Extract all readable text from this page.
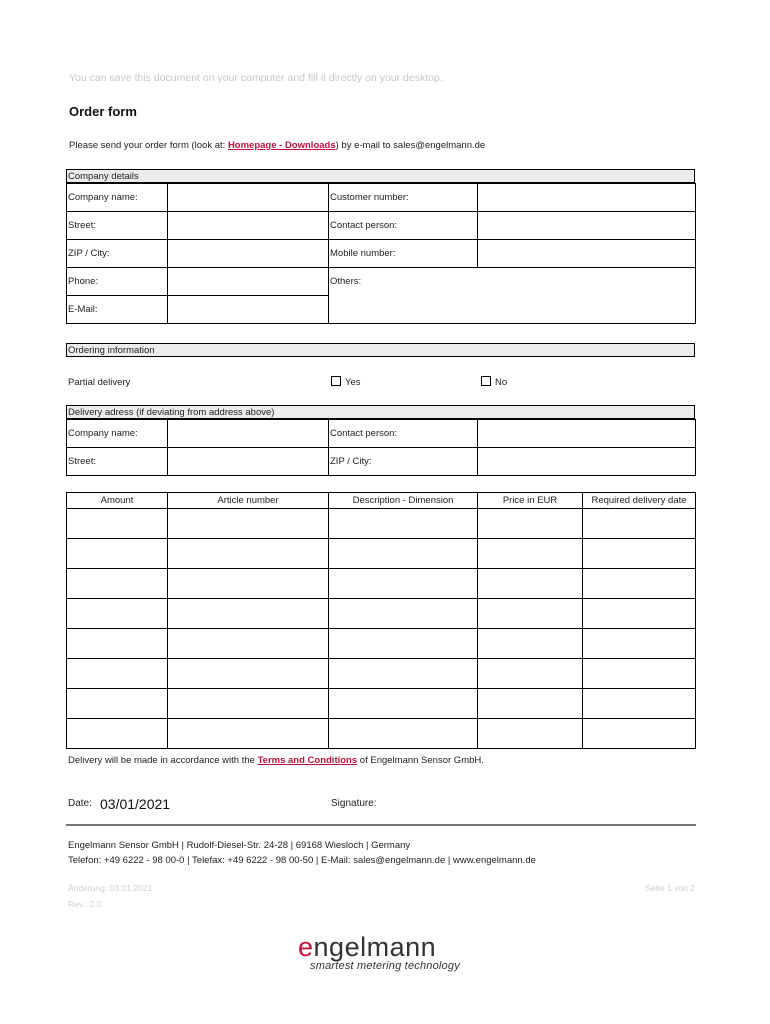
You can save this document on your computer and fill it directly on your desktop.
Order form
Please send your order form (look at: Homepage - Downloads) by e-mail to sales@engelmann.de
Company details
Company name:		Customer number:	
Street:		Contact person:	
ZIP / City:		Mobile number:	
Phone:		Others:	
E-Mail:			
Ordering information
Partial delivery	Yes	No
Delivery adress (if deviating from address above)
Company name:		Contact person:	
Street:		ZIP / City:	
Amount	Article number	Description - Dimension	Price in EUR	Required delivery date

Delivery will be made in accordance with the Terms and Conditions of Engelmann Sensor GmbH.
Date: 03/01/2021	Signature:
Engelmann Sensor GmbH | Rudolf-Diesel-Str. 24-28 | 69168 Wiesloch | Germany
Telefon: +49 6222 - 98 00-0 | Telefax: +49 6222 - 98 00-50 | E-Mail: sales@engelmann.de | www.engelmann.de
Änderung: 03.01.2021
Rev.: 2.0
Seite 1 von 2
engelmann
smartest metering technology
